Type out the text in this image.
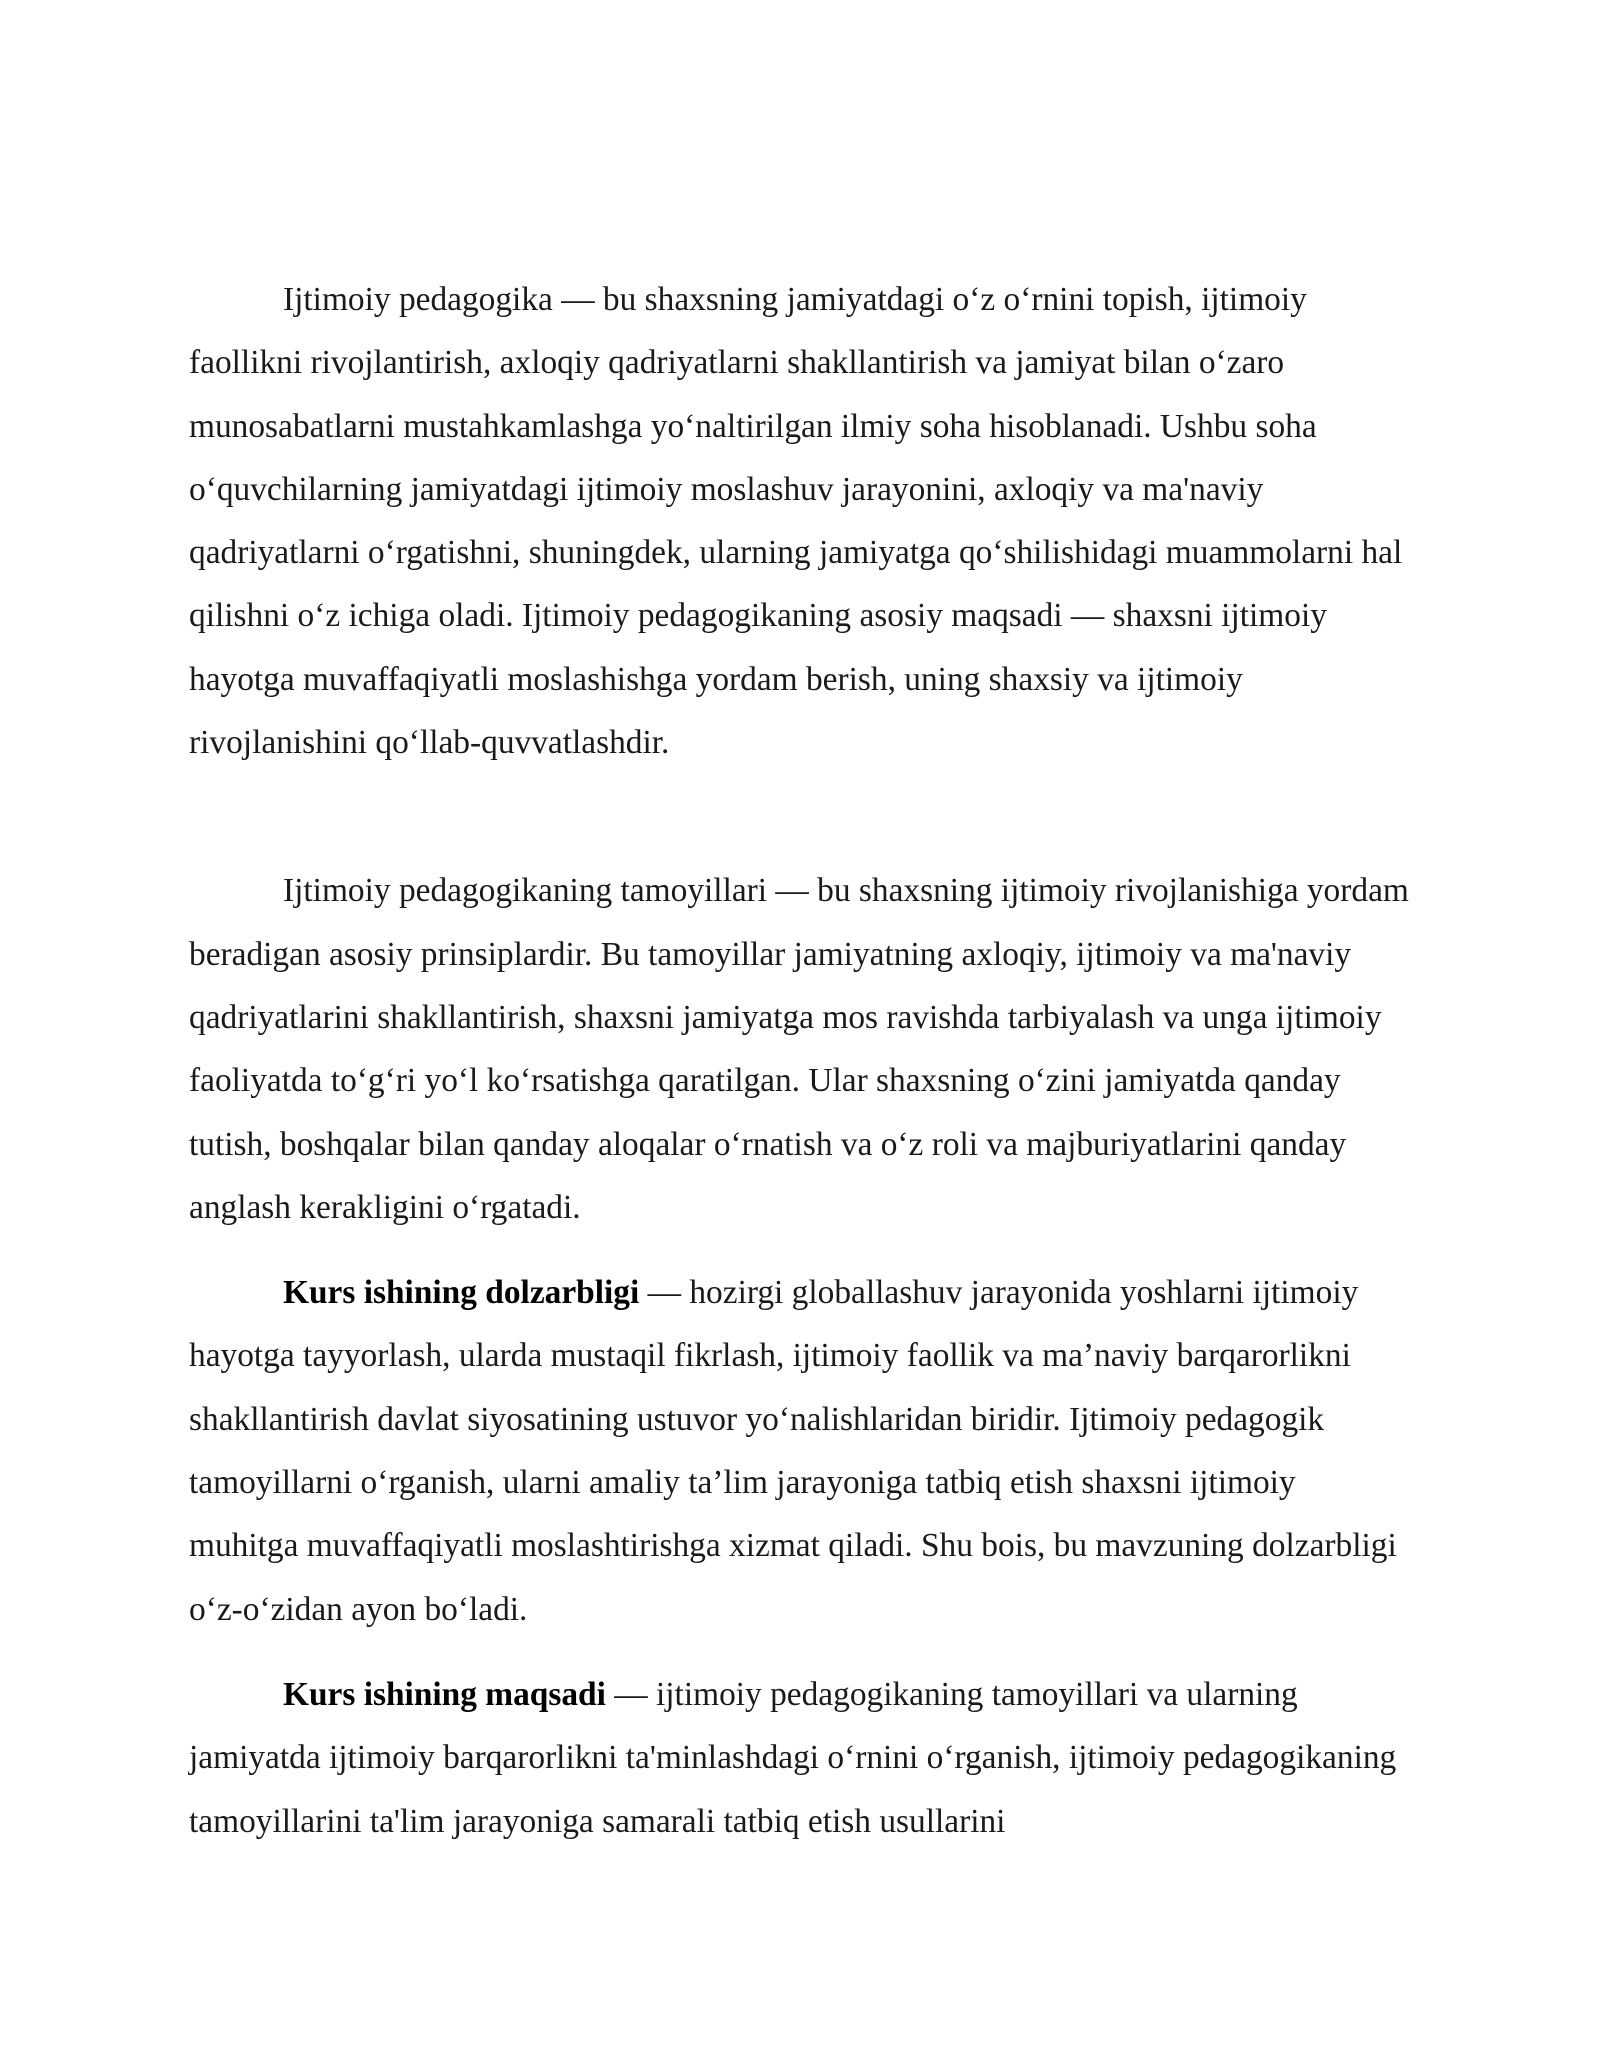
Ijtimoiy pedagogika — bu shaxsning jamiyatdagi o‘z o‘rnini topish, ijtimoiy faollikni rivojlantirish, axloqiy qadriyatlarni shakllantirish va jamiyat bilan o‘zaro munosabatlarni mustahkamlashga yo‘naltirilgan ilmiy soha hisoblanadi. Ushbu soha o‘quvchilarning jamiyatdagi ijtimoiy moslashuv jarayonini, axloqiy va ma'naviy qadriyatlarni o‘rgatishni, shuningdek, ularning jamiyatga qo‘shilishidagi muammolarni hal qilishni o‘z ichiga oladi. Ijtimoiy pedagogikaning asosiy maqsadi — shaxsni ijtimoiy hayotga muvaffaqiyatli moslashishga yordam berish, uning shaxsiy va ijtimoiy rivojlanishini qo‘llab-quvvatlashdir.

Ijtimoiy pedagogikaning tamoyillari — bu shaxsning ijtimoiy rivojlanishiga yordam beradigan asosiy prinsiplardir. Bu tamoyillar jamiyatning axloqiy, ijtimoiy va ma'naviy qadriyatlarini shakllantirish, shaxsni jamiyatga mos ravishda tarbiyalash va unga ijtimoiy faoliyatda to‘g‘ri yo‘l ko‘rsatishga qaratilgan. Ular shaxsning o‘zini jamiyatda qanday tutish, boshqalar bilan qanday aloqalar o‘rnatish va o‘z roli va majburiyatlarini qanday anglash kerakligini o‘rgatadi.

Kurs ishining dolzarbligi — hozirgi globallashuv jarayonida yoshlarni ijtimoiy hayotga tayyorlash, ularda mustaqil fikrlash, ijtimoiy faollik va ma’naviy barqarorlikni shakllantirish davlat siyosatining ustuvor yo‘nalishlaridan biridir. Ijtimoiy pedagogik tamoyillarni o‘rganish, ularni amaliy ta’lim jarayoniga tatbiq etish shaxsni ijtimoiy muhitga muvaffaqiyatli moslashtirishga xizmat qiladi. Shu bois, bu mavzuning dolzarbligi o‘z-o‘zidan ayon bo‘ladi.

Kurs ishining maqsadi — ijtimoiy pedagogikaning tamoyillari va ularning jamiyatda ijtimoiy barqarorlikni ta'minlashdagi o‘rnini o‘rganish, ijtimoiy pedagogikaning tamoyillarini ta'lim jarayoniga samarali tatbiq etish usullarini
